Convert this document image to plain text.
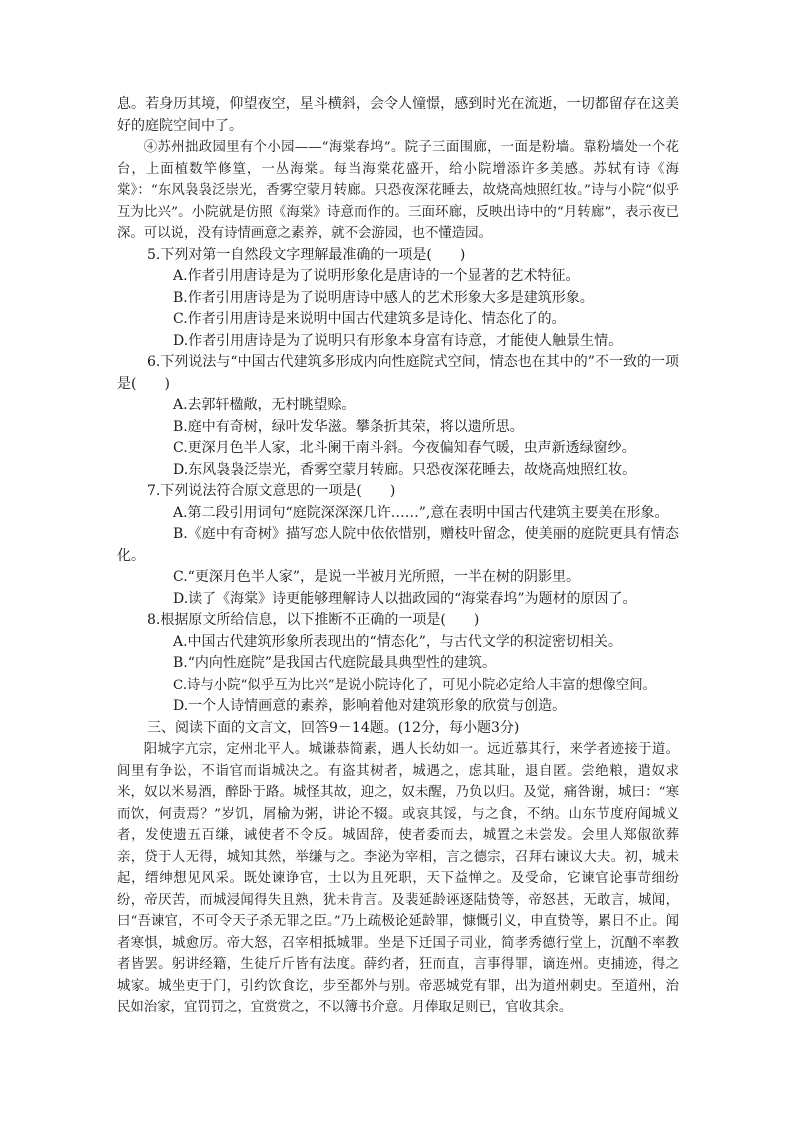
息。若身历其境，仰望夜空，星斗横斜，会令人憧憬，感到时光在流逝，一切都留存在这美好的庭院空间中了。

④苏州拙政园里有个小园——“海棠春坞”。院子三面围廊，一面是粉墙。靠粉墙处一个花台，上面植数竿修篁，一丛海棠。每当海棠花盛开，给小院增添许多美感。苏轼有诗《海棠》：“东风袅袅泛崇光，香雾空蒙月转廊。只恐夜深花睡去，故烧高烛照红妆。”诗与小院“似乎互为比兴”。小院就是仿照《海棠》诗意而作的。三面环廊，反映出诗中的“月转廊”，表示夜已深。可以说，没有诗情画意之素养，就不会游园，也不懂造园。

5.下列对第一自然段文字理解最准确的一项是(　　)

A.作者引用唐诗是为了说明形象化是唐诗的一个显著的艺术特征。

B.作者引用唐诗是为了说明唐诗中感人的艺术形象大多是建筑形象。

C.作者引用唐诗是来说明中国古代建筑多是诗化、情态化了的。

D.作者引用唐诗是为了说明只有形象本身富有诗意，才能使人触景生情。

6.下列说法与“中国古代建筑多形成内向性庭院式空间，情态也在其中的”不一致的一项是(　　)

A.去郭轩楹敞，无村眺望赊。

B.庭中有奇树，绿叶发华滋。攀条折其荣，将以遗所思。

C.更深月色半人家，北斗阑干南斗斜。今夜偏知春气暖，虫声新透绿窗纱。

D.东风袅袅泛崇光，香雾空蒙月转廊。只恐夜深花睡去，故烧高烛照红妆。

7.下列说法符合原文意思的一项是(　　)

A.第二段引用词句“庭院深深深几许……”,意在表明中国古代建筑主要美在形象。

B.《庭中有奇树》描写恋人院中依依惜别，赠枝叶留念，使美丽的庭院更具有情态化。

C.“更深月色半人家”，是说一半被月光所照，一半在树的阴影里。

D.读了《海棠》诗更能够理解诗人以拙政园的“海棠春坞”为题材的原因了。

8.根据原文所给信息，以下推断不正确的一项是(　　)

A.中国古代建筑形象所表现出的“情态化”，与古代文学的积淀密切相关。

B.“内向性庭院”是我国古代庭院最具典型性的建筑。

C.诗与小院“似乎互为比兴”是说小院诗化了，可见小院必定给人丰富的想像空间。

D.一个人诗情画意的素养，影响着他对建筑形象的欣赏与创造。

三、阅读下面的文言文，回答9－14题。(12分，每小题3分)

阳城字亢宗，定州北平人。城谦恭简素，遇人长幼如一。远近慕其行，来学者迹接于道。闾里有争讼，不诣官而诣城决之。有盗其树者，城遇之，虑其耻，退自匿。尝绝粮，遣奴求米，奴以米易酒，醉卧于路。城怪其故，迎之，奴未醒，乃负以归。及觉，痛咎谢，城曰：“寒而饮，何责焉？”岁饥，屑榆为粥，讲论不辍。或哀其馁，与之食，不纳。山东节度府闻城义者，发使遗五百缣，诫使者不令反。城固辞，使者委而去，城置之未尝发。会里人郑俶欲葬亲，贷于人无得，城知其然，举缣与之。李泌为宰相，言之德宗，召拜右谏议大夫。初，城未起，缙绅想见风采。既处谏诤官，士以为且死职，天下益惮之。及受命，它谏官论事苛细纷纷，帝厌苦，而城浸闻得失且熟，犹未肯言。及裴延龄诬逐陆贽等，帝怒甚，无敢言，城闻，曰“吾谏官，不可令天子杀无罪之臣。”乃上疏极论延龄罪，慷慨引义，申直贽等，累日不止。闻者寒惧，城愈厉。帝大怒，召宰相抵城罪。坐是下迁国子司业，简孝秀德行堂上，沉酗不率教者皆罢。躬讲经籍，生徒斤斤皆有法度。薛约者，狂而直，言事得罪，谪连州。吏捕迹，得之城家。城坐吏于门，引约饮食讫，步至都外与别。帝恶城党有罪，出为道州刺史。至道州，治民如治家，宜罚罚之，宜赏赏之，不以簿书介意。月俸取足则已，官收其余。
